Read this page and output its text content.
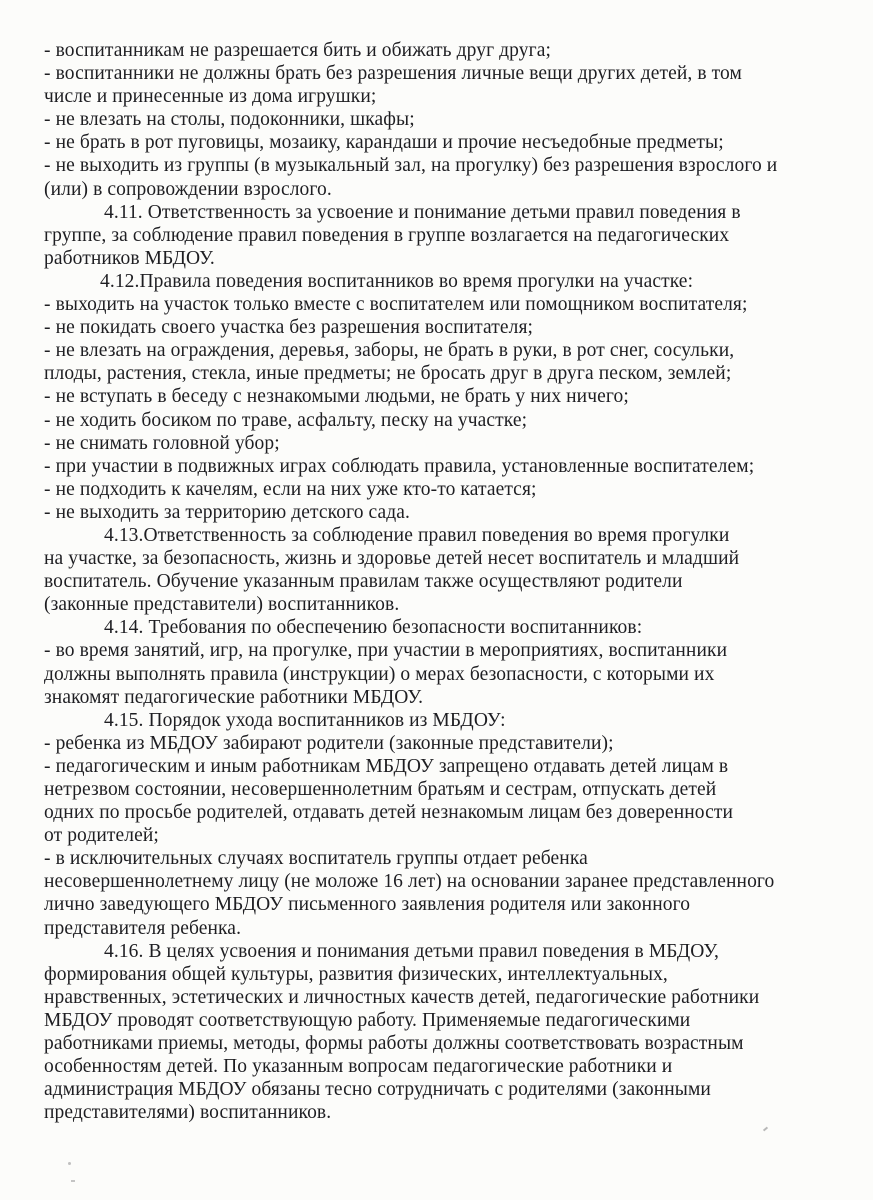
- воспитанникам не разрешается бить и обижать друг друга;
- воспитанники не должны брать без разрешения личные вещи других детей, в том
числе и принесенные из дома игрушки;
- не влезать на столы, подоконники, шкафы;
- не брать в рот пуговицы, мозаику, карандаши и прочие несъедобные предметы;
- не выходить из группы (в музыкальный зал, на прогулку) без разрешения взрослого и
(или) в сопровождении взрослого.
4.11. Ответственность за усвоение и понимание детьми правил поведения в
группе, за соблюдение правил поведения в группе возлагается на педагогических
работников МБДОУ.
4.12.Правила поведения воспитанников во время прогулки на участке:
- выходить на участок только вместе с воспитателем или помощником воспитателя;
- не покидать своего участка без разрешения воспитателя;
- не влезать на ограждения, деревья, заборы, не брать в руки, в рот снег, сосульки,
плоды, растения, стекла, иные предметы; не бросать друг в друга песком, землей;
- не вступать в беседу с незнакомыми людьми, не брать у них ничего;
- не ходить босиком по траве, асфальту, песку на участке;
- не снимать головной убор;
- при участии в подвижных играх соблюдать правила, установленные воспитателем;
- не подходить к качелям, если на них уже кто-то катается;
- не выходить за территорию детского сада.
4.13.Ответственность за соблюдение правил поведения во время прогулки
на участке, за безопасность, жизнь и здоровье детей несет воспитатель и младший
воспитатель. Обучение указанным правилам также осуществляют родители
(законные представители) воспитанников.
4.14. Требования по обеспечению безопасности воспитанников:
- во время занятий, игр, на прогулке, при участии в мероприятиях, воспитанники
должны выполнять правила (инструкции) о мерах безопасности, с которыми их
знакомят педагогические работники МБДОУ.
4.15. Порядок ухода воспитанников из МБДОУ:
- ребенка из МБДОУ забирают родители (законные представители);
- педагогическим и иным работникам МБДОУ запрещено отдавать детей лицам в
нетрезвом состоянии, несовершеннолетним братьям и сестрам, отпускать детей
одних по просьбе родителей, отдавать детей незнакомым лицам без доверенности
от родителей;
- в исключительных случаях воспитатель группы отдает ребенка
несовершеннолетнему лицу (не моложе 16 лет) на основании заранее представленного
лично заведующего МБДОУ письменного заявления родителя или законного
представителя ребенка.
4.16. В целях усвоения и понимания детьми правил поведения в МБДОУ,
формирования общей культуры, развития физических, интеллектуальных,
нравственных, эстетических и личностных качеств детей, педагогические работники
МБДОУ проводят соответствующую работу. Применяемые педагогическими
работниками приемы, методы, формы работы должны соответствовать возрастным
особенностям детей. По указанным вопросам педагогические работники и
администрация МБДОУ обязаны тесно сотрудничать с родителями (законными
представителями) воспитанников.
